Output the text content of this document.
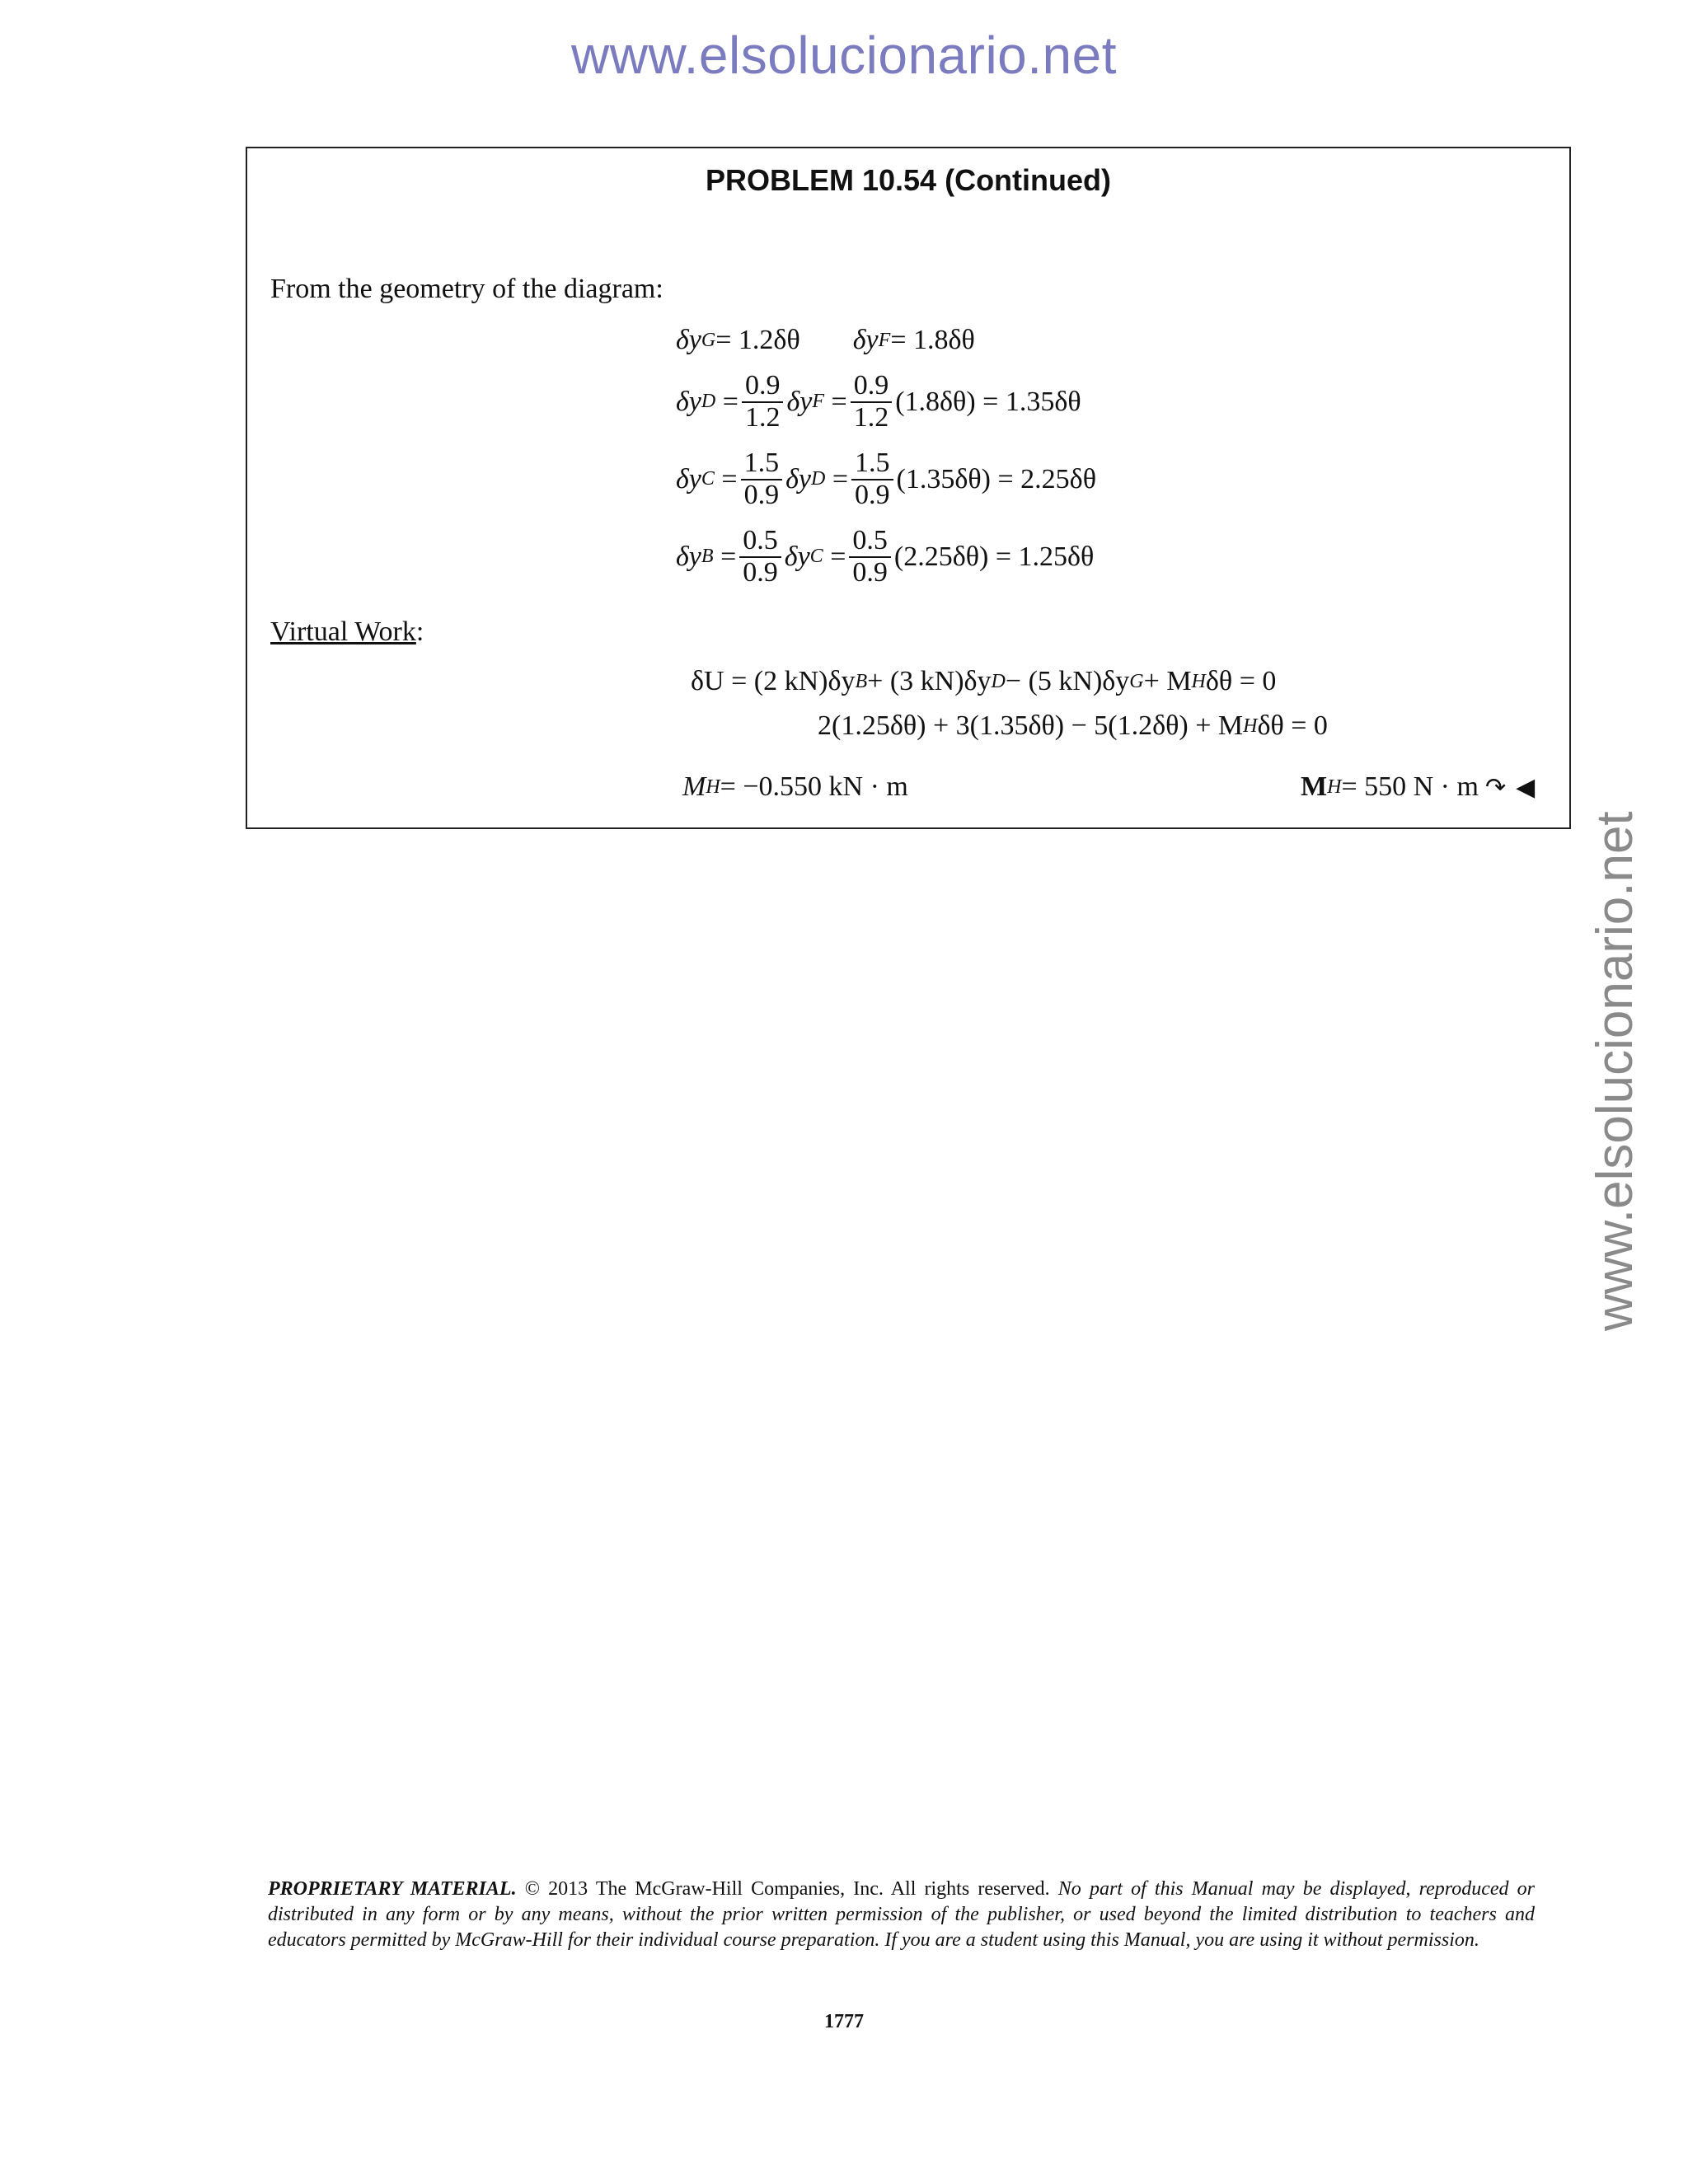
www.elsolucionario.net
www.elsolucionario.net
PROBLEM 10.54 (Continued)
From the geometry of the diagram:
δy G = 1.2δθ δy F = 1.8δθ
δy $D = \frac{0.9}{1.2}$ δy $F = \frac{0.9}{1.2} (1.8\delta\theta) = 1.35\delta\theta$
δy $C = \frac{1.5}{0.9}$ δy $D = \frac{1.5}{0.9} (1.35\delta\theta) = 2.25\delta\theta$
δy $B = \frac{0.5}{0.9}$ δy $C = \frac{0.5}{0.9} (2.25\delta\theta) = 1.25\delta\theta$
Virtual Work:
δU = (2 kN)δy B + (3 kN)δy D − (5 kN)δy G + M H δθ = 0
2(1.25δθ) + 3(1.35δθ) − 5(1.2δθ) + M H δθ = 0
M H = −0.550 kN · m	M H = 550 N · m ↷ ◀
PROPRIETARY MATERIAL. © 2013 The McGraw-Hill Companies, Inc. All rights reserved. No part of this Manual may be displayed, reproduced or distributed in any form or by any means, without the prior written permission of the publisher, or used beyond the limited distribution to teachers and educators permitted by McGraw-Hill for their individual course preparation. If you are a student using this Manual, you are using it without permission.
1777
